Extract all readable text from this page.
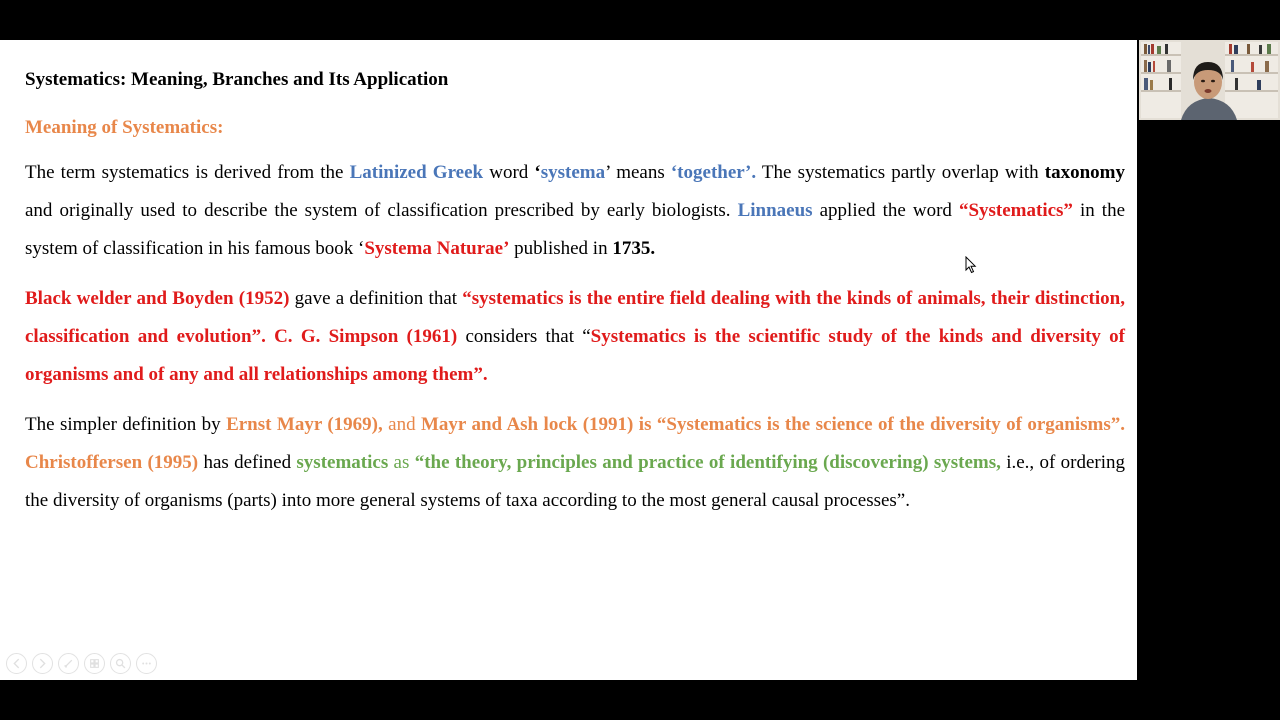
Systematics: Meaning, Branches and Its Application

Meaning of Systematics:

The term systematics is derived from the Latinized Greek word ‘systema’ means ‘together’. The systematics partly overlap with taxonomy and originally used to describe the system of classification prescribed by early biologists. Linnaeus applied the word “Systematics” in the system of classification in his famous book ‘Systema Naturae’ published in 1735.

Black welder and Boyden (1952) gave a definition that “systematics is the entire field dealing with the kinds of animals, their distinction, classification and evolution”. C. G. Simpson (1961) considers that “Systematics is the scientific study of the kinds and diversity of organisms and of any and all relationships among them”.

The simpler definition by Ernst Mayr (1969), and Mayr and Ash lock (1991) is “Systematics is the science of the diversity of organisms”. Christoffersen (1995) has defined systematics as “the theory, principles and practice of identifying (discovering) systems, i.e., of ordering the diversity of organisms (parts) into more general systems of taxa according to the most general causal processes”.
